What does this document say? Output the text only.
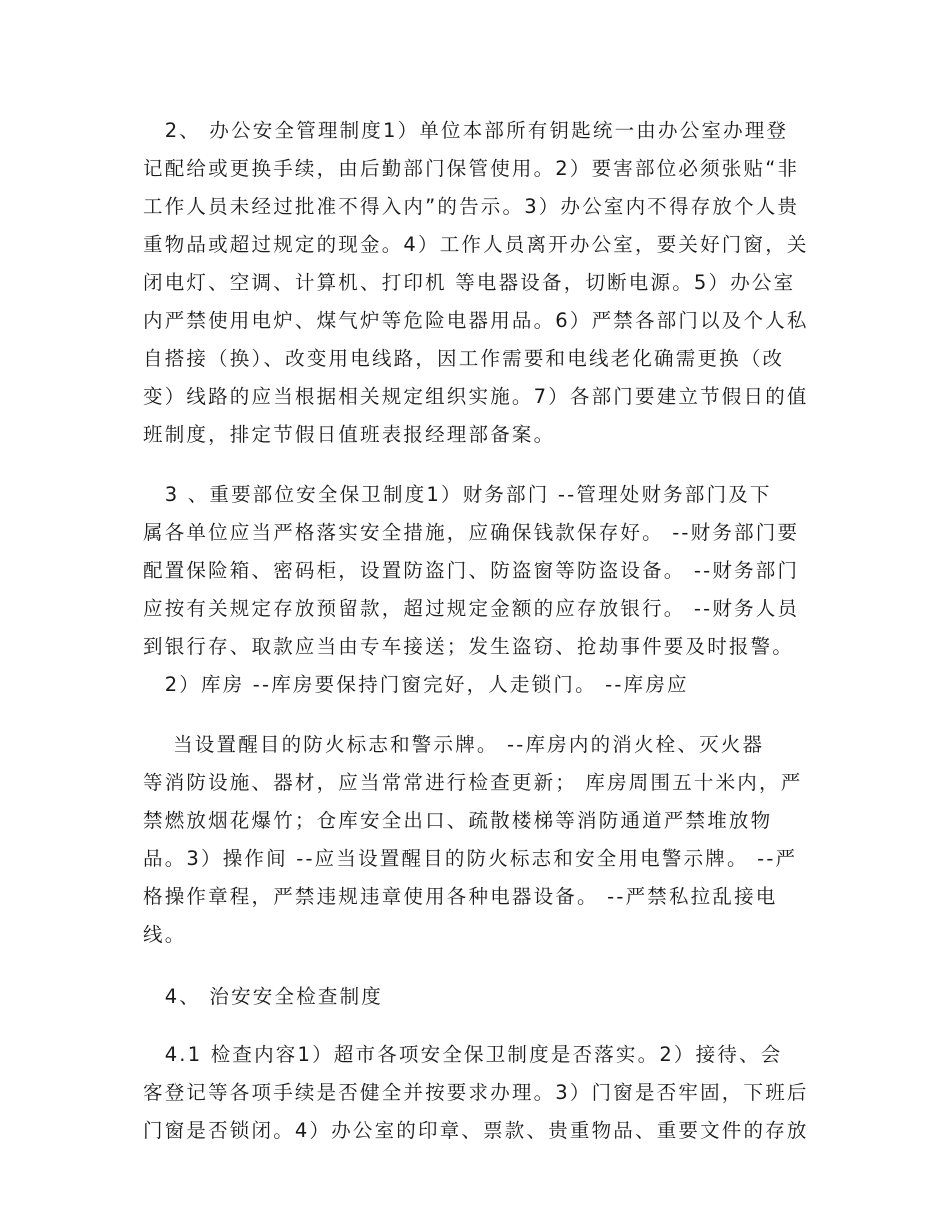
　2、 办公安全管理制度1）单位本部所有钥匙统一由办公室办理登
记配给或更换手续，由后勤部门保管使用。2）要害部位必须张贴“非
工作人员未经过批准不得入内”的告示。3）办公室内不得存放个人贵
重物品或超过规定的现金。4）工作人员离开办公室，要关好门窗，关
闭电灯、空调、计算机、打印机 等电器设备，切断电源。5）办公室
内严禁使用电炉、煤气炉等危险电器用品。6）严禁各部门以及个人私
自搭接（换）、改变用电线路，因工作需要和电线老化确需更换（改
变）线路的应当根据相关规定组织实施。7）各部门要建立节假日的值
班制度，排定节假日值班表报经理部备案。
　3 、重要部位安全保卫制度1）财务部门 --管理处财务部门及下
属各单位应当严格落实安全措施，应确保钱款保存好。 --财务部门要
配置保险箱、密码柜，设置防盗门、防盗窗等防盗设备。 --财务部门
应按有关规定存放预留款，超过规定金额的应存放银行。 --财务人员
到银行存、取款应当由专车接送；发生盗窃、抢劫事件要及时报警。
　2）库房 --库房要保持门窗完好，人走锁门。 --库房应
　 当设置醒目的防火标志和警示牌。 --库房内的消火栓、灭火器
等消防设施、器材，应当常常进行检查更新； 库房周围五十米内，严
禁燃放烟花爆竹；仓库安全出口、疏散楼梯等消防通道严禁堆放物
品。3）操作间 --应当设置醒目的防火标志和安全用电警示牌。 --严
格操作章程，严禁违规违章使用各种电器设备。 --严禁私拉乱接电
线。
　4、 治安安全检查制度
　4.1 检查内容1）超市各项安全保卫制度是否落实。2）接待、会
客登记等各项手续是否健全并按要求办理。3）门窗是否牢固，下班后
门窗是否锁闭。4）办公室的印章、票款、贵重物品、重要文件的存放
